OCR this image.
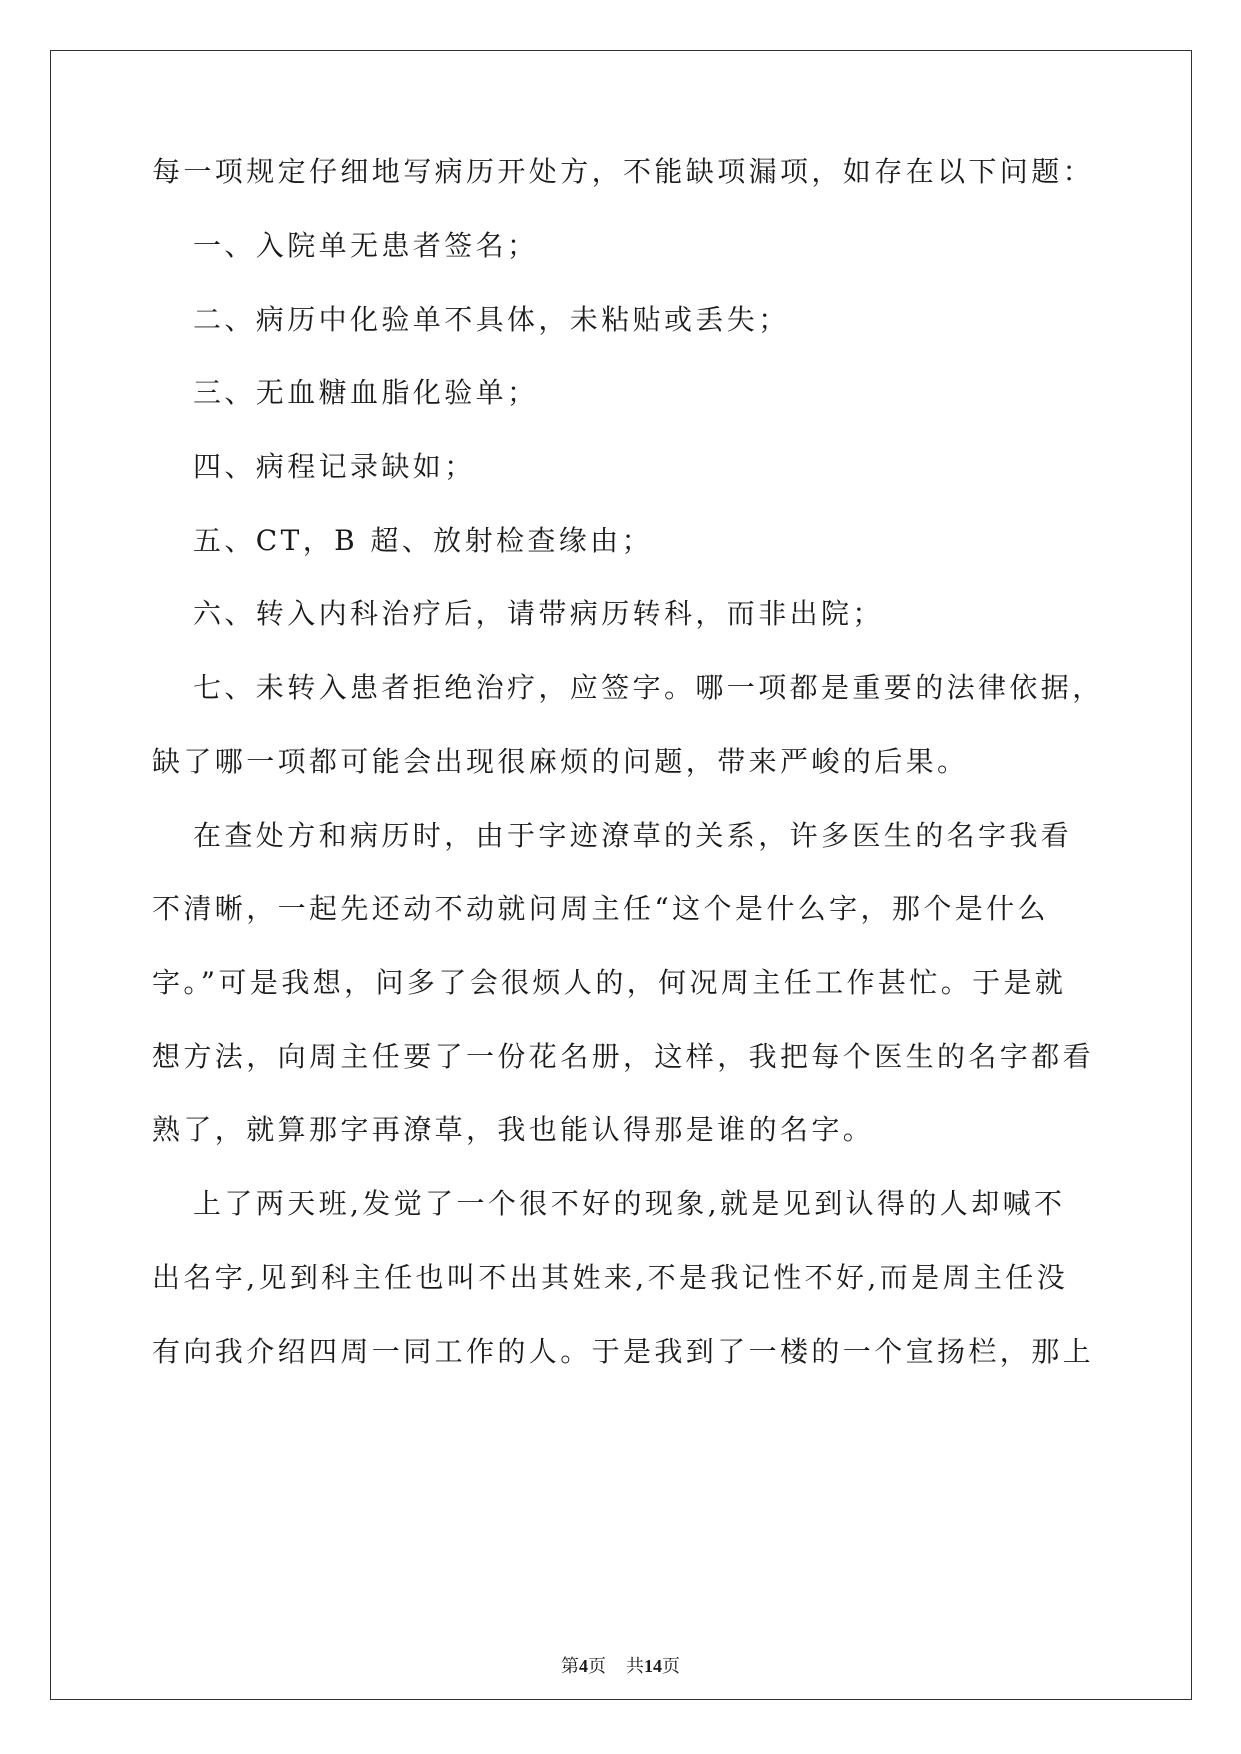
每一项规定仔细地写病历开处方，不能缺项漏项，如存在以下问题：

一、入院单无患者签名；

二、病历中化验单不具体，未粘贴或丢失；

三、无血糖血脂化验单；

四、病程记录缺如；

五、CT，B 超、放射检查缘由；

六、转入内科治疗后，请带病历转科，而非出院；

七、未转入患者拒绝治疗，应签字。哪一项都是重要的法律依据，

缺了哪一项都可能会出现很麻烦的问题，带来严峻的后果。

在查处方和病历时，由于字迹潦草的关系，许多医生的名字我看

不清晰，一起先还动不动就问周主任“这个是什么字，那个是什么

字。”可是我想，问多了会很烦人的，何况周主任工作甚忙。于是就

想方法，向周主任要了一份花名册，这样，我把每个医生的名字都看

熟了，就算那字再潦草，我也能认得那是谁的名字。

上了两天班,发觉了一个很不好的现象,就是见到认得的人却喊不

出名字,见到科主任也叫不出其姓来,不是我记性不好,而是周主任没

有向我介绍四周一同工作的人。于是我到了一楼的一个宣扬栏，那上

第4页 共14页
